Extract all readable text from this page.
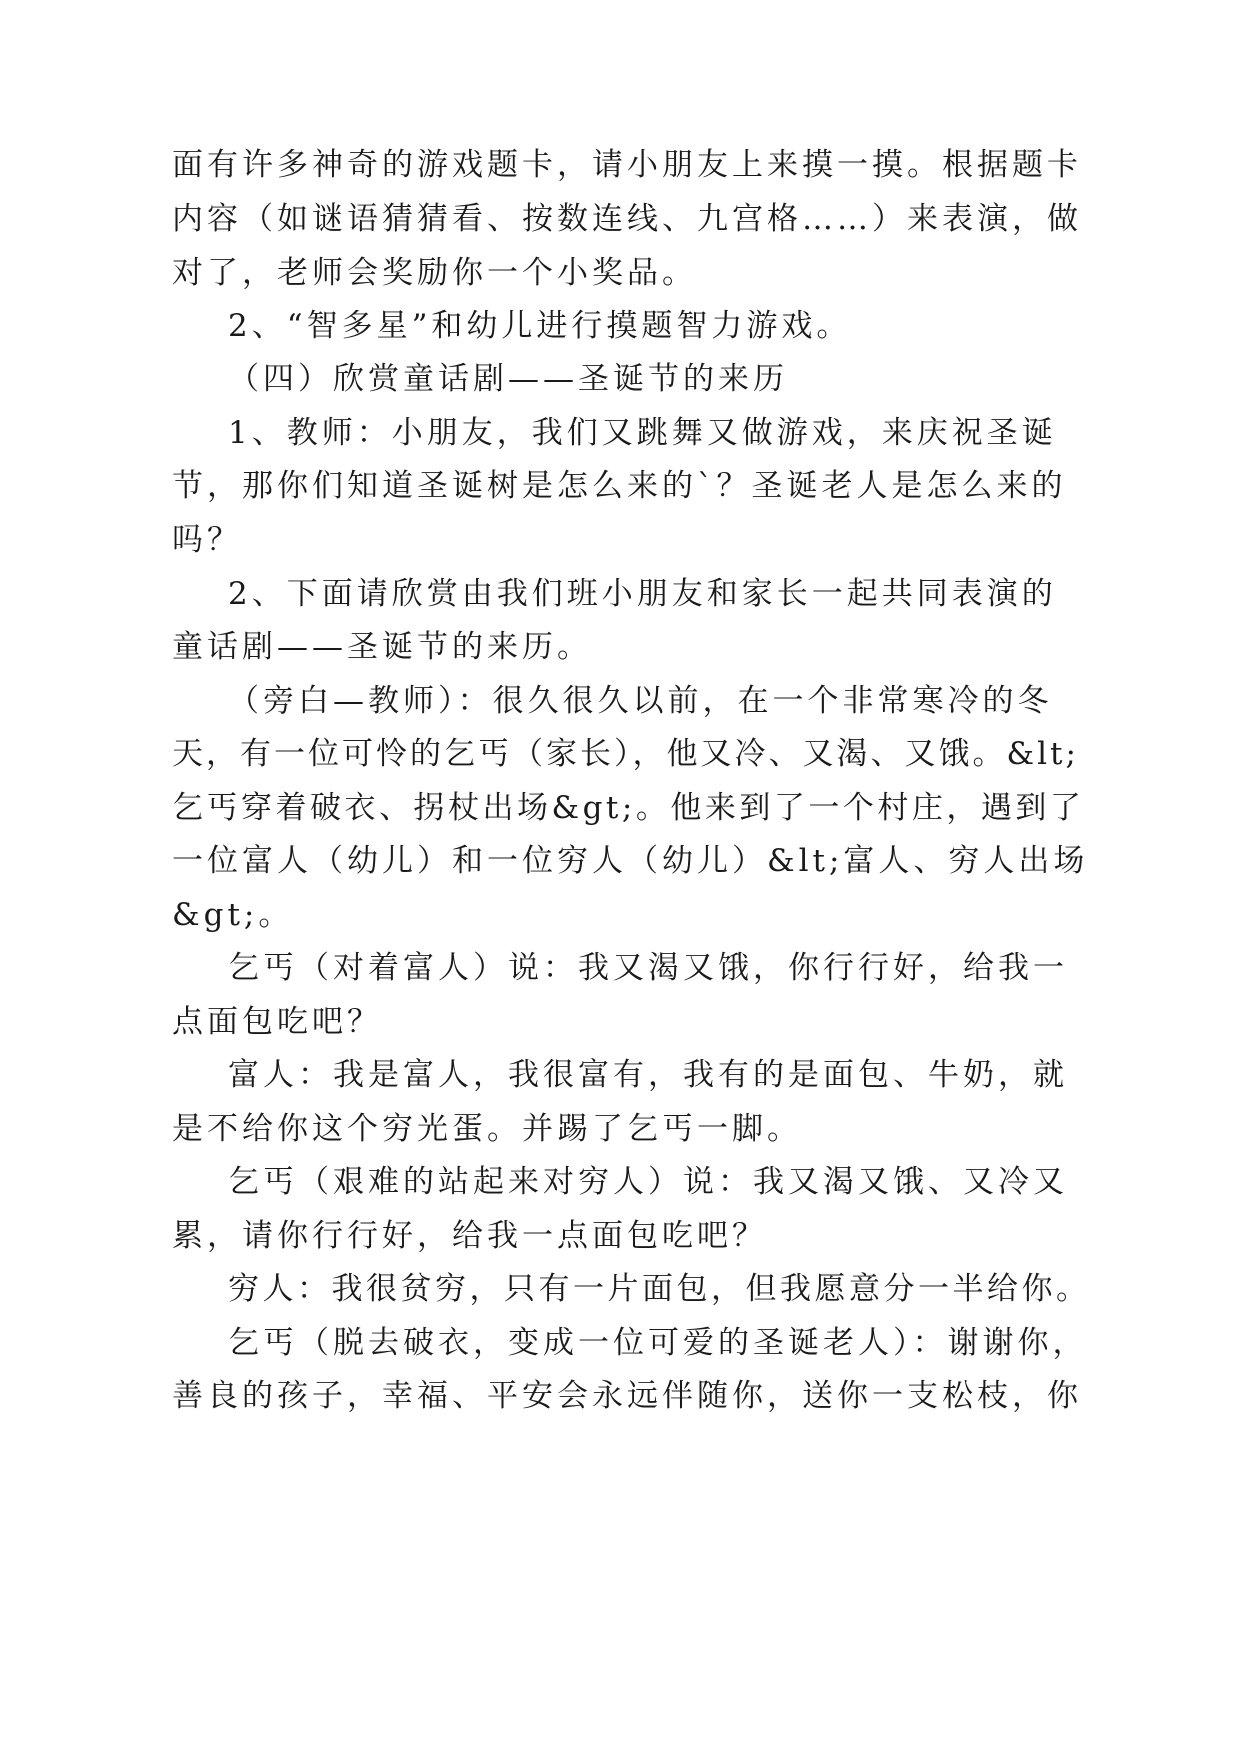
面有许多神奇的游戏题卡，请小朋友上来摸一摸。根据题卡
内容（如谜语猜猜看、按数连线、九宫格……）来表演，做
对了，老师会奖励你一个小奖品。
2、“智多星”和幼儿进行摸题智力游戏。
（四）欣赏童话剧——圣诞节的来历
1、教师：小朋友，我们又跳舞又做游戏，来庆祝圣诞
节，那你们知道圣诞树是怎么来的`？圣诞老人是怎么来的
吗？
2、下面请欣赏由我们班小朋友和家长一起共同表演的
童话剧——圣诞节的来历。
（旁白—教师）：很久很久以前，在一个非常寒冷的冬
天，有一位可怜的乞丐（家长），他又冷、又渴、又饿。&lt;
乞丐穿着破衣、拐杖出场&gt;。他来到了一个村庄，遇到了
一位富人（幼儿）和一位穷人（幼儿）&lt;富人、穷人出场
&gt;。
乞丐（对着富人）说：我又渴又饿，你行行好，给我一
点面包吃吧？
富人：我是富人，我很富有，我有的是面包、牛奶，就
是不给你这个穷光蛋。并踢了乞丐一脚。
乞丐（艰难的站起来对穷人）说：我又渴又饿、又冷又
累，请你行行好，给我一点面包吃吧？
穷人：我很贫穷，只有一片面包，但我愿意分一半给你。
乞丐（脱去破衣，变成一位可爱的圣诞老人）：谢谢你，
善良的孩子，幸福、平安会永远伴随你，送你一支松枝，你
